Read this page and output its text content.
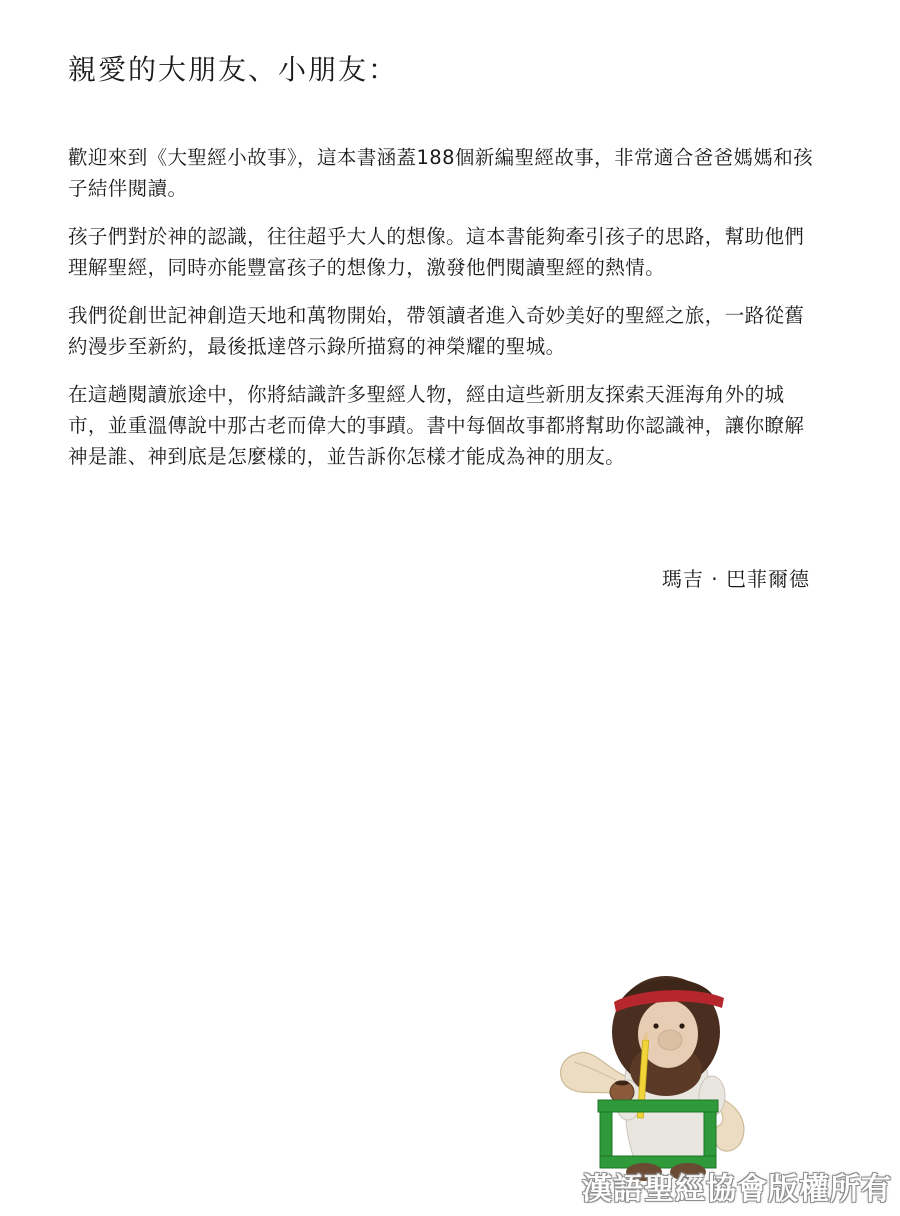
親愛的大朋友、小朋友：

歡迎來到《大聖經小故事》，這本書涵蓋188個新編聖經故事，非常適合爸爸媽媽和孩子結伴閱讀。

孩子們對於神的認識，往往超乎大人的想像。這本書能夠牽引孩子的思路，幫助他們理解聖經，同時亦能豐富孩子的想像力，激發他們閱讀聖經的熱情。

我們從創世記神創造天地和萬物開始，帶領讀者進入奇妙美好的聖經之旅，一路從舊約漫步至新約，最後抵達啓示錄所描寫的神榮耀的聖城。

在這趟閱讀旅途中，你將結識許多聖經人物，經由這些新朋友探索天涯海角外的城市，並重溫傳說中那古老而偉大的事蹟。書中每個故事都將幫助你認識神，讓你瞭解神是誰、神到底是怎麼樣的，並告訴你怎樣才能成為神的朋友。

瑪吉 · 巴菲爾德
漢語聖經協會版權所有
